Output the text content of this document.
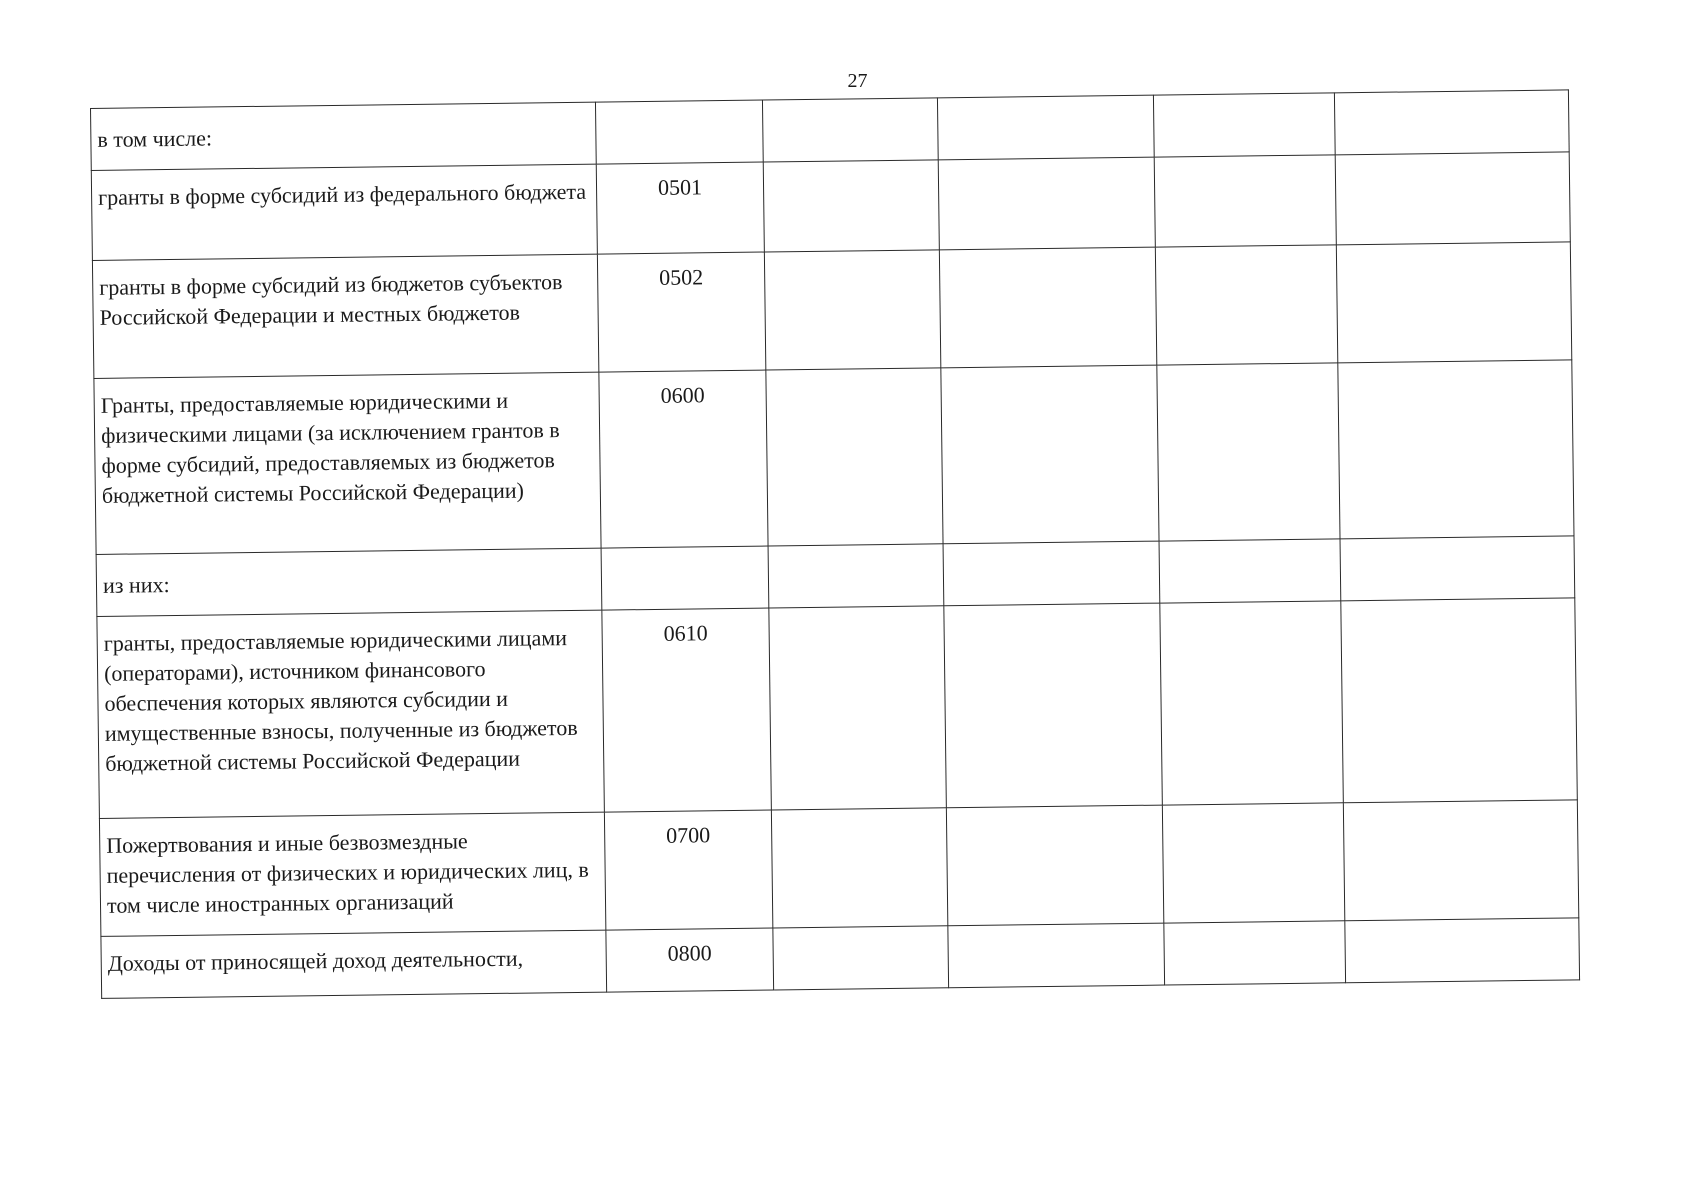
27
в том числе:					
гранты в форме субсидий из федерального бюджета	0501				
гранты в форме субсидий из бюджетов субъектов Российской Федерации и местных бюджетов	0502				
Гранты, предоставляемые юридическими и физическими лицами (за исключением грантов в форме субсидий, предоставляемых из бюджетов бюджетной системы Российской Федерации)	0600				
из них:					
гранты, предоставляемые юридическими лицами (операторами), источником финансового обеспечения которых являются субсидии и имущественные взносы, полученные из бюджетов бюджетной системы Российской Федерации	0610				
Пожертвования и иные безвозмездные перечисления от физических и юридических лиц, в том числе иностранных организаций	0700				
Доходы от приносящей доход деятельности,	0800				
